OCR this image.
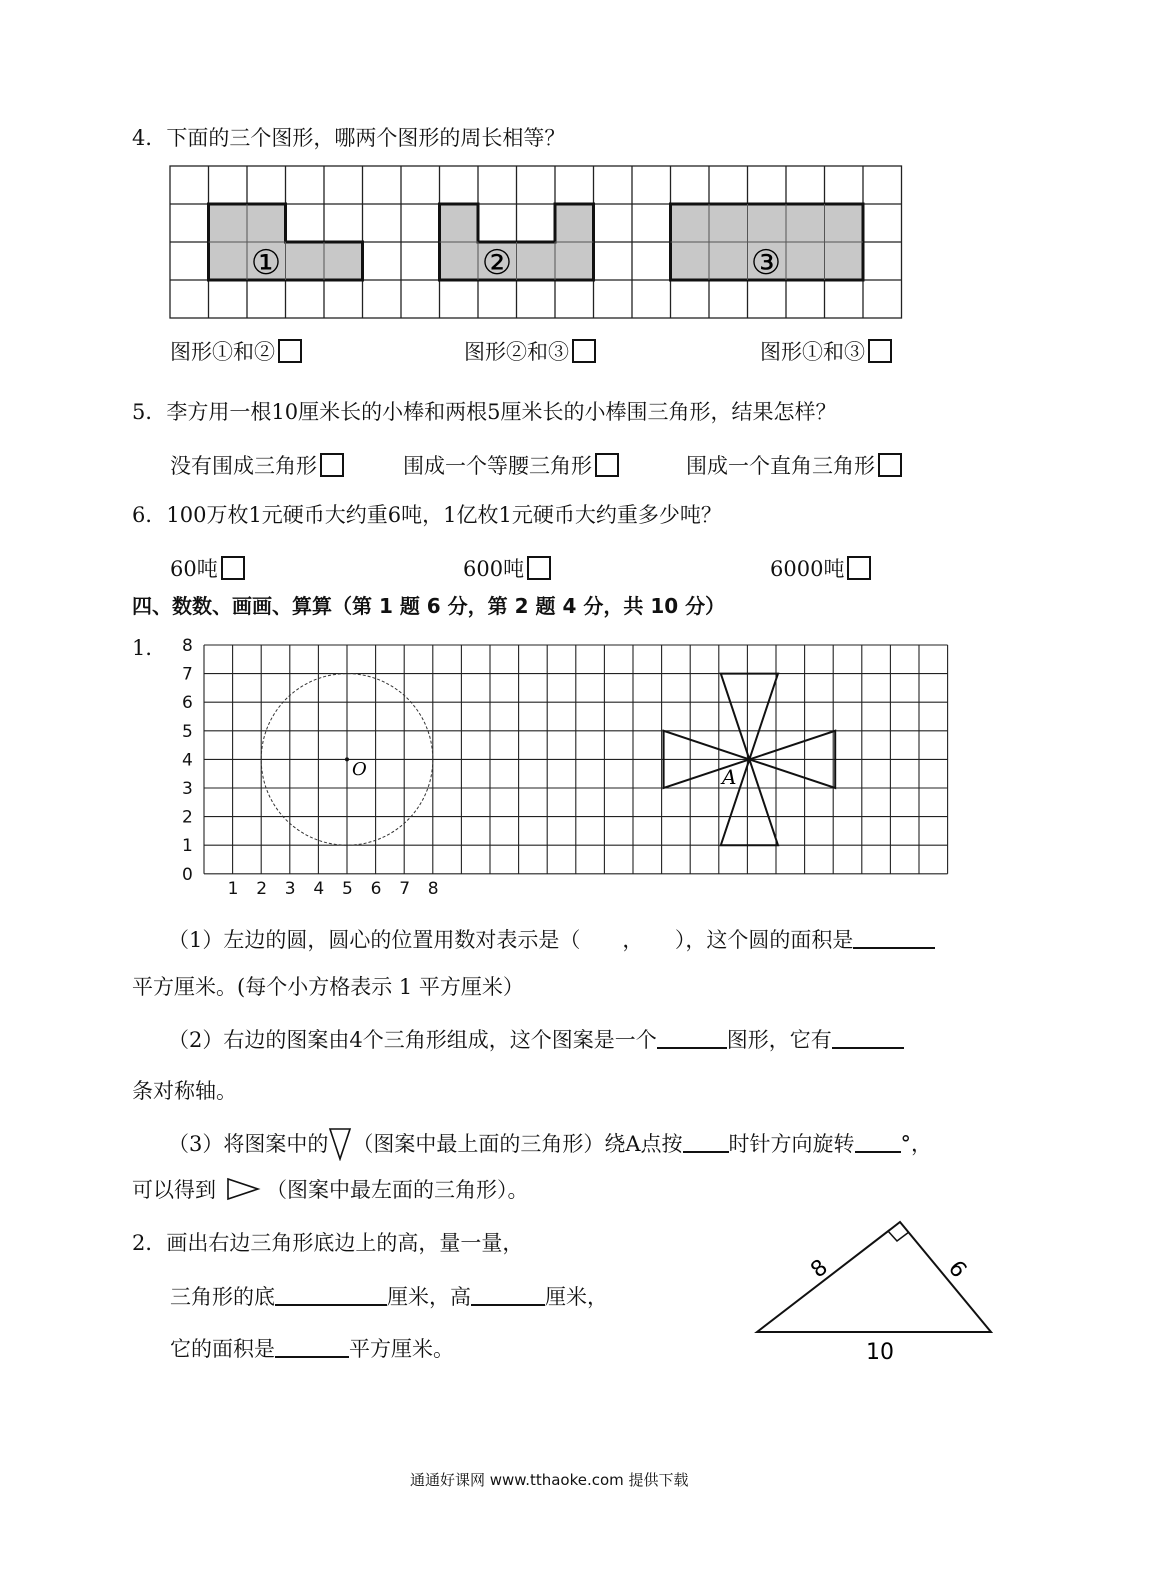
4．下面的三个图形，哪两个图形的周长相等？
①	②	③
0
1
2
3
4
5
6
7
8
1 2 3 4 5 6 7 8
O	A
8	6
10
图形①和②	图形②和③	图形①和③
5．李方用一根10厘米长的小棒和两根5厘米长的小棒围三角形，结果怎样？
没有围成三角形	围成一个等腰三角形	围成一个直角三角形
6．100万枚1元硬币大约重6吨，1亿枚1元硬币大约重多少吨？
60吨	600吨	6000吨
四、数数、画画、算算（第 1 题 6 分，第 2 题 4 分，共 10 分）
1．
（1）左边的圆，圆心的位置用数对表示是（　　，　　），这个圆的面积是
平方厘米。(每个小方格表示 1 平方厘米）
（2）右边的图案由4个三角形组成，这个图案是一个	图形，它有
条对称轴。
（3）将图案中的 （图案中最上面的三角形）绕A点按 时针方向旋转 °，
可以得到 （图案中最左面的三角形）。
2．画出右边三角形底边上的高，量一量，
三角形的底	厘米，高	厘米，
它的面积是	平方厘米。
通通好课网 www.tthaoke.com 提供下载
